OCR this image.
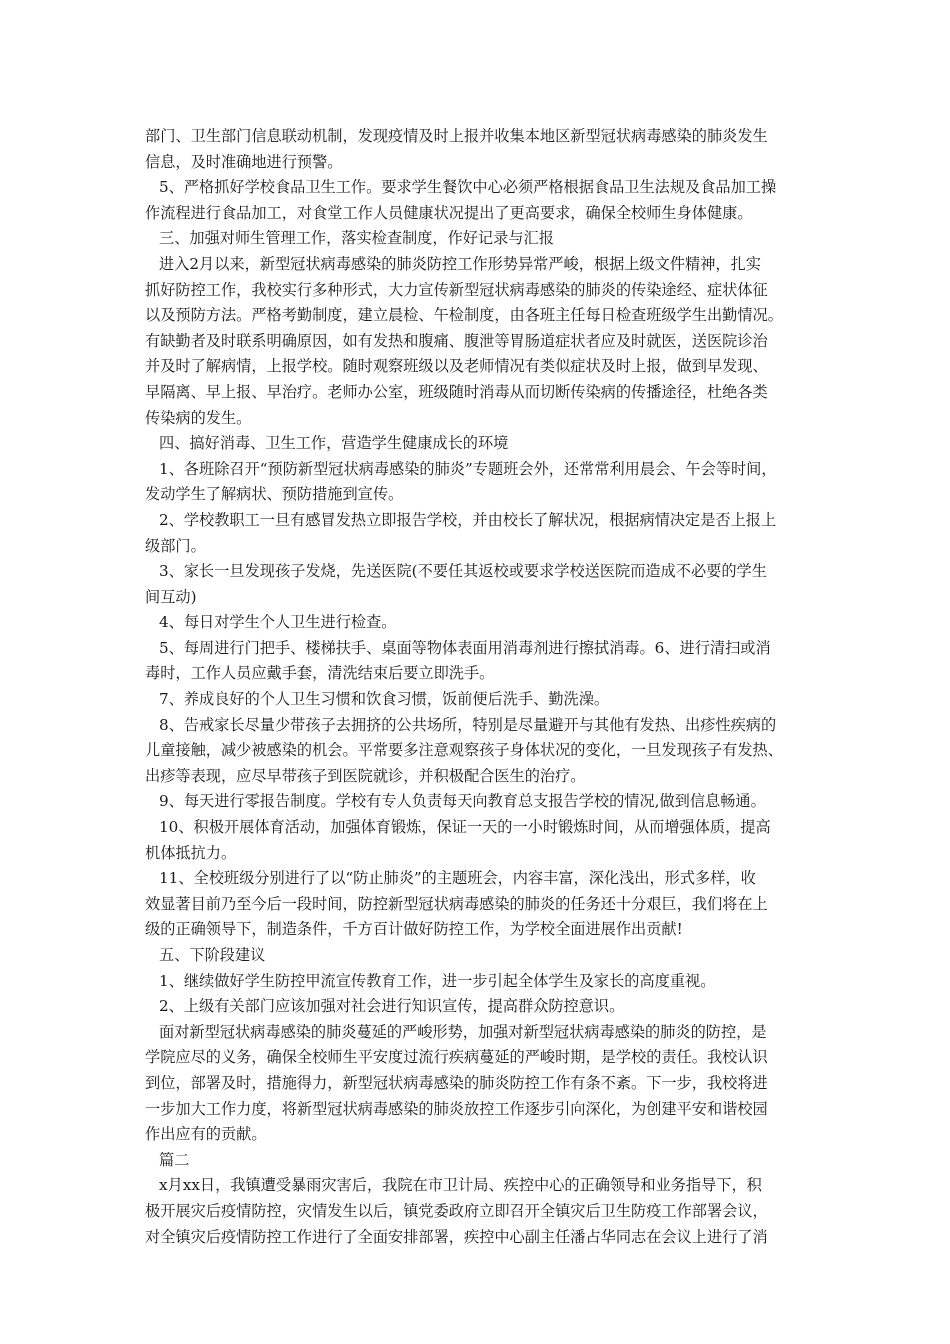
部门、卫生部门信息联动机制，发现疫情及时上报并收集本地区新型冠状病毒感染的肺炎发生
信息，及时准确地进行预警。
5、严格抓好学校食品卫生工作。要求学生餐饮中心必须严格根据食品卫生法规及食品加工操
作流程进行食品加工，对食堂工作人员健康状况提出了更高要求，确保全校师生身体健康。
三、加强对师生管理工作，落实检查制度，作好记录与汇报
进入2月以来，新型冠状病毒感染的肺炎防控工作形势异常严峻，根据上级文件精神，扎实
抓好防控工作，我校实行多种形式，大力宣传新型冠状病毒感染的肺炎的传染途经、症状体征
以及预防方法。严格考勤制度，建立晨检、午检制度，由各班主任每日检查班级学生出勤情况。
有缺勤者及时联系明确原因，如有发热和腹痛、腹泄等胃肠道症状者应及时就医，送医院诊治
并及时了解病情，上报学校。随时观察班级以及老师情况有类似症状及时上报，做到早发现、
早隔离、早上报、早治疗。老师办公室，班级随时消毒从而切断传染病的传播途径，杜绝各类
传染病的发生。
四、搞好消毒、卫生工作，营造学生健康成长的环境
1、各班除召开“预防新型冠状病毒感染的肺炎”专题班会外，还常常利用晨会、午会等时间，
发动学生了解病状、预防措施到宣传。
2、学校教职工一旦有感冒发热立即报告学校，并由校长了解状况，根据病情决定是否上报上
级部门。
3、家长一旦发现孩子发烧，先送医院(不要任其返校或要求学校送医院而造成不必要的学生
间互动)
4、每日对学生个人卫生进行检查。
5、每周进行门把手、楼梯扶手、桌面等物体表面用消毒剂进行擦拭消毒。6、进行清扫或消
毒时，工作人员应戴手套，清洗结束后要立即洗手。
7、养成良好的个人卫生习惯和饮食习惯，饭前便后洗手、勤洗澡。
8、告戒家长尽量少带孩子去拥挤的公共场所，特别是尽量避开与其他有发热、出疹性疾病的
儿童接触，减少被感染的机会。平常要多注意观察孩子身体状况的变化，一旦发现孩子有发热、
出疹等表现，应尽早带孩子到医院就诊，并积极配合医生的治疗。
9、每天进行零报告制度。学校有专人负责每天向教育总支报告学校的情况,做到信息畅通。
10、积极开展体育活动，加强体育锻炼，保证一天的一小时锻炼时间，从而增强体质，提高
机体抵抗力。
11、全校班级分别进行了以“防止肺炎”的主题班会，内容丰富，深化浅出，形式多样，收
效显著目前乃至今后一段时间，防控新型冠状病毒感染的肺炎的任务还十分艰巨，我们将在上
级的正确领导下，制造条件，千方百计做好防控工作，为学校全面进展作出贡献!
五、下阶段建议
1、继续做好学生防控甲流宣传教育工作，进一步引起全体学生及家长的高度重视。
2、上级有关部门应该加强对社会进行知识宣传，提高群众防控意识。
面对新型冠状病毒感染的肺炎蔓延的严峻形势，加强对新型冠状病毒感染的肺炎的防控，是
学院应尽的义务，确保全校师生平安度过流行疾病蔓延的严峻时期，是学校的责任。我校认识
到位，部署及时，措施得力，新型冠状病毒感染的肺炎防控工作有条不紊。下一步，我校将进
一步加大工作力度，将新型冠状病毒感染的肺炎放控工作逐步引向深化，为创建平安和谐校园
作出应有的贡献。
篇二
x月xx日，我镇遭受暴雨灾害后，我院在市卫计局、疾控中心的正确领导和业务指导下，积
极开展灾后疫情防控，灾情发生以后，镇党委政府立即召开全镇灾后卫生防疫工作部署会议，
对全镇灾后疫情防控工作进行了全面安排部署，疾控中心副主任潘占华同志在会议上进行了消
